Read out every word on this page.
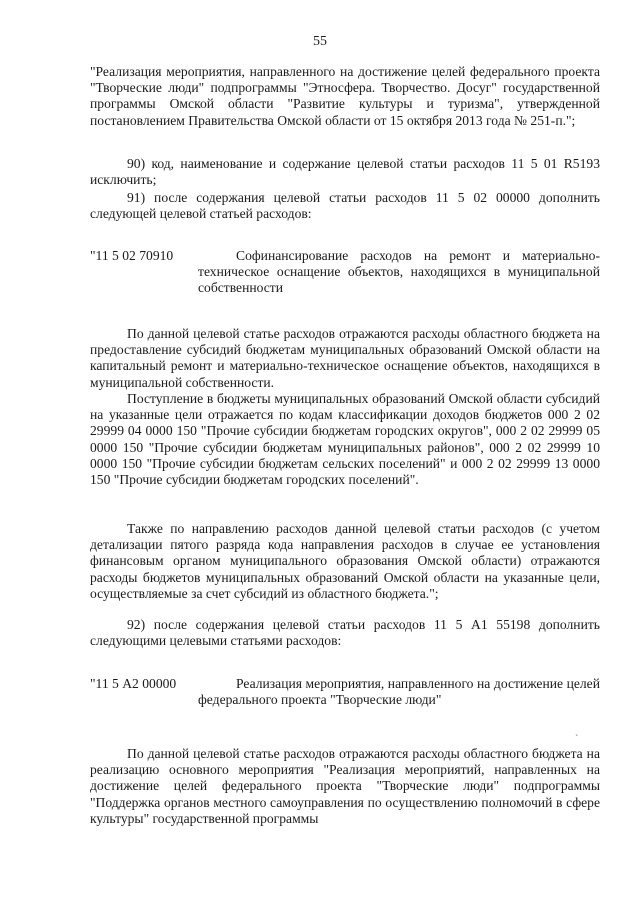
55

"Реализация мероприятия, направленного на достижение целей федерального проекта "Творческие люди" подпрограммы "Этносфера. Творчество. Досуг" государственной программы Омской области "Развитие культуры и туризма", утвержденной постановлением Правительства Омской области от 15 октября 2013 года № 251-п.";

90) код, наименование и содержание целевой статьи расходов 11 5 01 R5193 исключить;

91) после содержания целевой статьи расходов 11 5 02 00000 дополнить следующей целевой статьей расходов:

"11 5 02 70910	Софинансирование расходов на ремонт и материально-техническое оснащение объектов, находящихся в муниципальной собственности

По данной целевой статье расходов отражаются расходы областного бюджета на предоставление субсидий бюджетам муниципальных образований Омской области на капитальный ремонт и материально-техническое оснащение объектов, находящихся в муниципальной собственности.

Поступление в бюджеты муниципальных образований Омской области субсидий на указанные цели отражается по кодам классификации доходов бюджетов 000 2 02 29999 04 0000 150 "Прочие субсидии бюджетам городских округов", 000 2 02 29999 05 0000 150 "Прочие субсидии бюджетам муниципальных районов", 000 2 02 29999 10 0000 150 "Прочие субсидии бюджетам сельских поселений" и 000 2 02 29999 13 0000 150 "Прочие субсидии бюджетам городских поселений".

Также по направлению расходов данной целевой статьи расходов (с учетом детализации пятого разряда кода направления расходов в случае ее установления финансовым органом муниципального образования Омской области) отражаются расходы бюджетов муниципальных образований Омской области на указанные цели, осуществляемые за счет субсидий из областного бюджета.";

92) после содержания целевой статьи расходов 11 5 А1 55198 дополнить следующими целевыми статьями расходов:

"11 5 А2 00000	Реализация мероприятия, направленного на достижение целей федерального проекта "Творческие люди"
ˋ

По данной целевой статье расходов отражаются расходы областного бюджета на реализацию основного мероприятия "Реализация мероприятий, направленных на достижение целей федерального проекта "Творческие люди" подпрограммы "Поддержка органов местного самоуправления по осуществлению полномочий в сфере культуры" государственной программы
